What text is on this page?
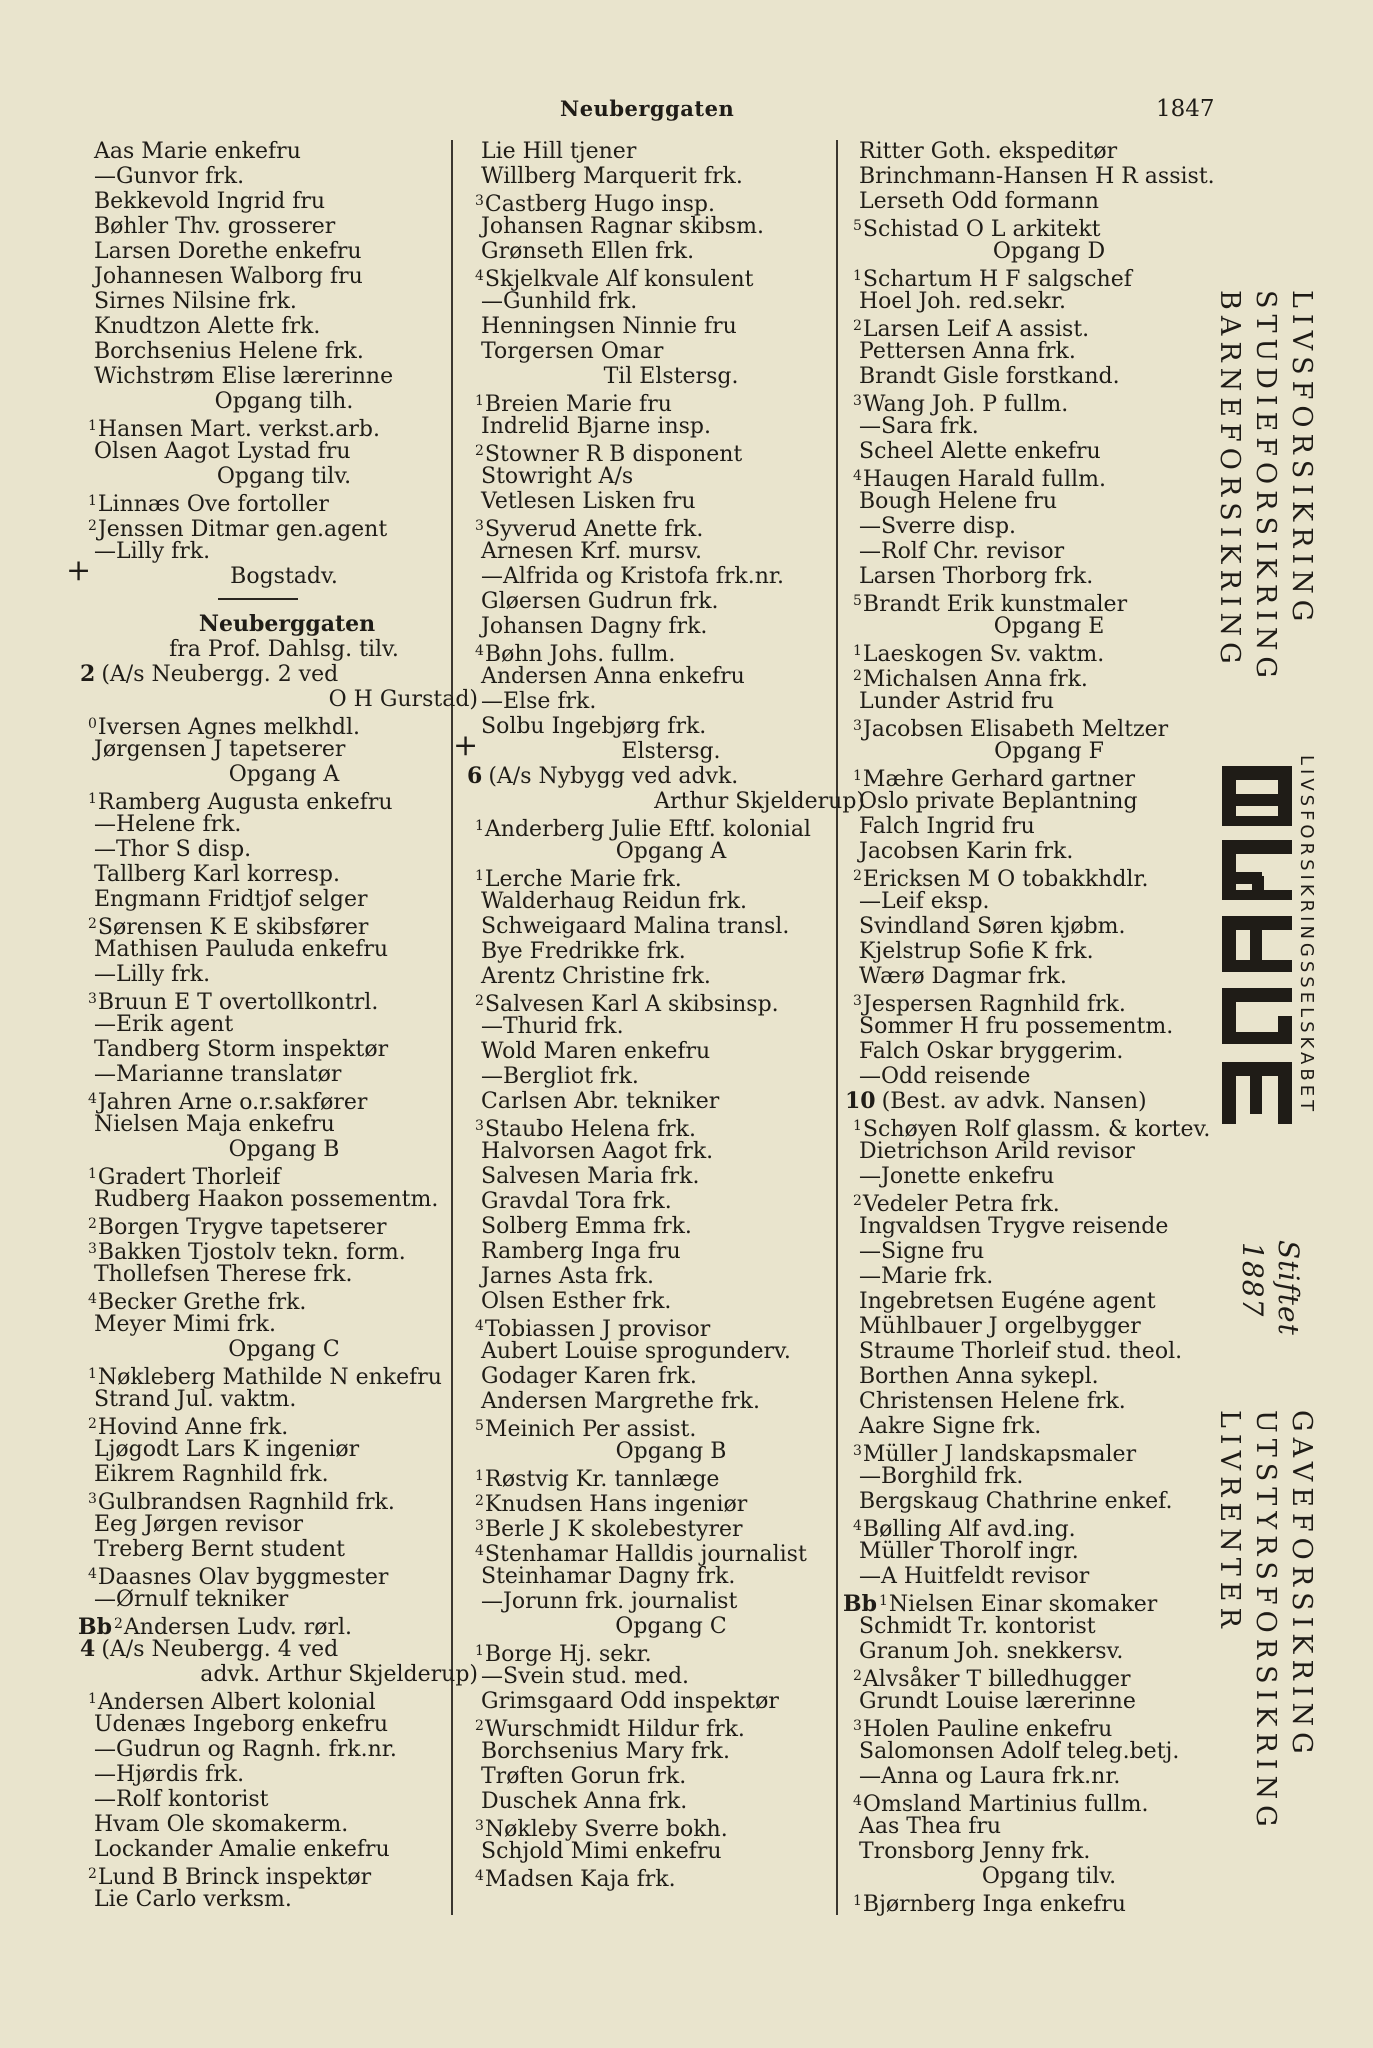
Neuberggaten	1847
Aas Marie enkefru
—Gunvor frk.
Bekkevold Ingrid fru
Bøhler Thv. grosserer
Larsen Dorethe enkefru
Johannesen Walborg fru
Sirnes Nilsine frk.
Knudtzon Alette frk.
Borchsenius Helene frk.
Wichstrøm Elise lærerinne
Opgang tilh.
$^1$Hansen Mart. verkst.arb.
Olsen Aagot Lystad fru
Opgang tilv.
$^1$Linnæs Ove fortoller
$^2$Jenssen Ditmar gen.agent
—Lilly frk.
+	Bogstadv.
Neuberggaten
fra Prof. Dahlsg. tilv.
2 (A/s Neubergg. 2 ved
O H Gurstad)
$^0$Iversen Agnes melkhdl.
Jørgensen J tapetserer
Opgang A
$^1$Ramberg Augusta enkefru
—Helene frk.
—Thor S disp.
Tallberg Karl korresp.
Engmann Fridtjof selger
$^2$Sørensen K E skibsfører
Mathisen Pauluda enkefru
—Lilly frk.
$^3$Bruun E T overtollkontrl.
—Erik agent
Tandberg Storm inspektør
—Marianne translatør
$^4$Jahren Arne o.r.sakfører
Nielsen Maja enkefru
Opgang B
$^1$Gradert Thorleif
Rudberg Haakon possementm.
$^2$Borgen Trygve tapetserer
$^3$Bakken Tjostolv tekn. form.
Thollefsen Therese frk.
$^4$Becker Grethe frk.
Meyer Mimi frk.
Opgang C
$^1$Nøkleberg Mathilde N enkefru
Strand Jul. vaktm.
$^2$Hovind Anne frk.
Ljøgodt Lars K ingeniør
Eikrem Ragnhild frk.
$^3$Gulbrandsen Ragnhild frk.
Eeg Jørgen revisor
Treberg Bernt student
$^4$Daasnes Olav byggmester
—Ørnulf tekniker
Bb $^2$Andersen Ludv. rørl.
4 (A/s Neubergg. 4 ved
advk. Arthur Skjelderup)
$^1$Andersen Albert kolonial
Udenæs Ingeborg enkefru
—Gudrun og Ragnh. frk.nr.
—Hjørdis frk.
—Rolf kontorist
Hvam Ole skomakerm.
Lockander Amalie enkefru
$^2$Lund B Brinck inspektør
Lie Carlo verksm.
Lie Hill tjener
Willberg Marquerit frk.
$^3$Castberg Hugo insp.
Johansen Ragnar skibsm.
Grønseth Ellen frk.
$^4$Skjelkvale Alf konsulent
—Gunhild frk.
Henningsen Ninnie fru
Torgersen Omar
Til Elstersg.
$^1$Breien Marie fru
Indrelid Bjarne insp.
$^2$Stowner R B disponent
Stowright A/s
Vetlesen Lisken fru
$^3$Syverud Anette frk.
Arnesen Krf. mursv.
—Alfrida og Kristofa frk.nr.
Gløersen Gudrun frk.
Johansen Dagny frk.
$^4$Bøhn Johs. fullm.
Andersen Anna enkefru
—Else frk.
Solbu Ingebjørg frk.
+	Elstersg.
6 (A/s Nybygg ved advk.
Arthur Skjelderup)
$^1$Anderberg Julie Eftf. kolonial
Opgang A
$^1$Lerche Marie frk.
Walderhaug Reidun frk.
Schweigaard Malina transl.
Bye Fredrikke frk.
Arentz Christine frk.
$^2$Salvesen Karl A skibsinsp.
—Thurid frk.
Wold Maren enkefru
—Bergliot frk.
Carlsen Abr. tekniker
$^3$Staubo Helena frk.
Halvorsen Aagot frk.
Salvesen Maria frk.
Gravdal Tora frk.
Solberg Emma frk.
Ramberg Inga fru
Jarnes Asta frk.
Olsen Esther frk.
$^4$Tobiassen J provisor
Aubert Louise sprogunderv.
Godager Karen frk.
Andersen Margrethe frk.
$^5$Meinich Per assist.
Opgang B
$^1$Røstvig Kr. tannlæge
$^2$Knudsen Hans ingeniør
$^3$Berle J K skolebestyrer
$^4$Stenhamar Halldis journalist
Steinhamar Dagny frk.
—Jorunn frk. journalist
Opgang C
$^1$Borge Hj. sekr.
—Svein stud. med.
Grimsgaard Odd inspektør
$^2$Wurschmidt Hildur frk.
Borchsenius Mary frk.
Trøften Gorun frk.
Duschek Anna frk.
$^3$Nøkleby Sverre bokh.
Schjold Mimi enkefru
$^4$Madsen Kaja frk.
Ritter Goth. ekspeditør
Brinchmann-Hansen H R assist.
Lerseth Odd formann
$^5$Schistad O L arkitekt
Opgang D
$^1$Schartum H F salgschef
Hoel Joh. red.sekr.
$^2$Larsen Leif A assist.
Pettersen Anna frk.
Brandt Gisle forstkand.
$^3$Wang Joh. P fullm.
—Sara frk.
Scheel Alette enkefru
$^4$Haugen Harald fullm.
Bough Helene fru
—Sverre disp.
—Rolf Chr. revisor
Larsen Thorborg frk.
$^5$Brandt Erik kunstmaler
Opgang E
$^1$Laeskogen Sv. vaktm.
$^2$Michalsen Anna frk.
Lunder Astrid fru
$^3$Jacobsen Elisabeth Meltzer
Opgang F
$^1$Mæhre Gerhard gartner
Oslo private Beplantning
Falch Ingrid fru
Jacobsen Karin frk.
$^2$Ericksen M O tobakkhdlr.
—Leif eksp.
Svindland Søren kjøbm.
Kjelstrup Sofie K frk.
Wærø Dagmar frk.
$^3$Jespersen Ragnhild frk.
Sommer H fru possementm.
Falch Oskar bryggerim.
—Odd reisende
10 (Best. av advk. Nansen)
$^1$Schøyen Rolf glassm. & kortev.
Dietrichson Arild revisor
—Jonette enkefru
$^2$Vedeler Petra frk.
Ingvaldsen Trygve reisende
—Signe fru
—Marie frk.
Ingebretsen Eugéne agent
Mühlbauer J orgelbygger
Straume Thorleif stud. theol.
Borthen Anna sykepl.
Christensen Helene frk.
Aakre Signe frk.
$^3$Müller J landskapsmaler
—Borghild frk.
Bergskaug Chathrine enkef.
$^4$Bølling Alf avd.ing.
Müller Thorolf ingr.
—A Huitfeldt revisor
Bb $^1$Nielsen Einar skomaker
Schmidt Tr. kontorist
Granum Joh. snekkersv.
$^2$Alvsåker T billedhugger
Grundt Louise lærerinne
$^3$Holen Pauline enkefru
Salomonsen Adolf teleg.betj.
—Anna og Laura frk.nr.
$^4$Omsland Martinius fullm.
Aas Thea fru
Tronsborg Jenny frk.
Opgang tilv.
$^1$Bjørnberg Inga enkefru
LIVSFORSIKRING
STUDIEFORSIKRING
BARNEFORSIKRING
LIVSFORSIKRINGSSELSKABET
Stiftet
1887
GAVEFORSIKRING
UTSTYRSFORSIKRING
LIVRENTER
